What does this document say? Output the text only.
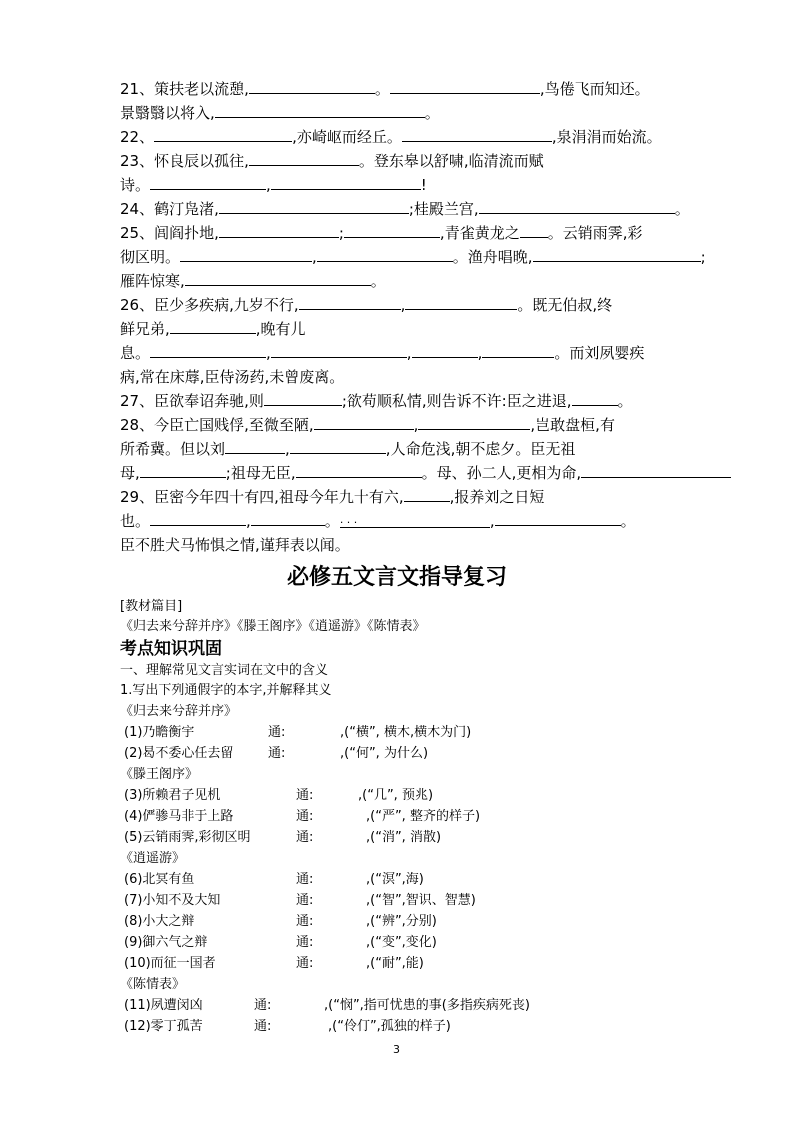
21、策扶老以流憩,	。	,鸟倦飞而知还。
景翳翳以将入,	。
22、	,亦崎岖而经丘。	,泉涓涓而始流。
23、怀良辰以孤往,	。登东皋以舒啸,临清流而赋
诗。	,	!
24、鹤汀凫渚,	;桂殿兰宫,	。
25、闾阎扑地,	;	,青雀黄龙之 。云销雨霁,彩
彻区明。	,	。渔舟唱晚,	;
雁阵惊寒,	。
26、臣少多疾病,九岁不行,	,	。既无伯叔,终
鲜兄弟,	,晚有儿
息。	,	,	,	。而刘夙婴疾
病,常在床蓐,臣侍汤药,未曾废离。
27、臣欲奉诏奔驰,则	;欲苟顺私情,则告诉不许:臣之进退,	。
28、今臣亡国贱俘,至微至陋,	,	,岂敢盘桓,有
所希冀。但以刘	,	,人命危浅,朝不虑夕。臣无祖
母,	;祖母无臣,	。母、孙二人,更相为命,
29、臣密今年四十有四,祖母今年九十有六,	,报养刘之日短
也。	,	。· · ·	,	。
臣不胜犬马怖惧之情,谨拜表以闻。
必修五文言文指导复习
[教材篇目]
《归去来兮辞并序》《滕王阁序》《逍遥游》《陈情表》
考点知识巩固
一、理解常见文言实词在文中的含义
1.写出下列通假字的本字,并解释其义
《归去来兮辞并序》
(1)乃瞻衡宇	通:	,(“横”, 横木,横木为门)
(2)曷不委心任去留	通:	,(“何”, 为什么)
《滕王阁序》
(3)所赖君子见机	通:	,(“几”, 预兆)
(4)俨骖马非于上路	通:	,(“严”, 整齐的样子)
(5)云销雨霁,彩彻区明	通:	,(“消”, 消散)
《逍遥游》
(6)北冥有鱼	通:	,(“溟”,海)
(7)小知不及大知	通:	,(“智”,智识、智慧)
(8)小大之辩	通:	,(“辨”,分别)
(9)御六气之辩	通:	,(“变”,变化)
(10)而征一国者	通:	,(“耐”,能)
《陈情表》
(11)夙遭闵凶	通:	,(“悯”,指可忧患的事(多指疾病死丧)
(12)零丁孤苦	通:	,(“伶仃”,孤独的样子)
3
